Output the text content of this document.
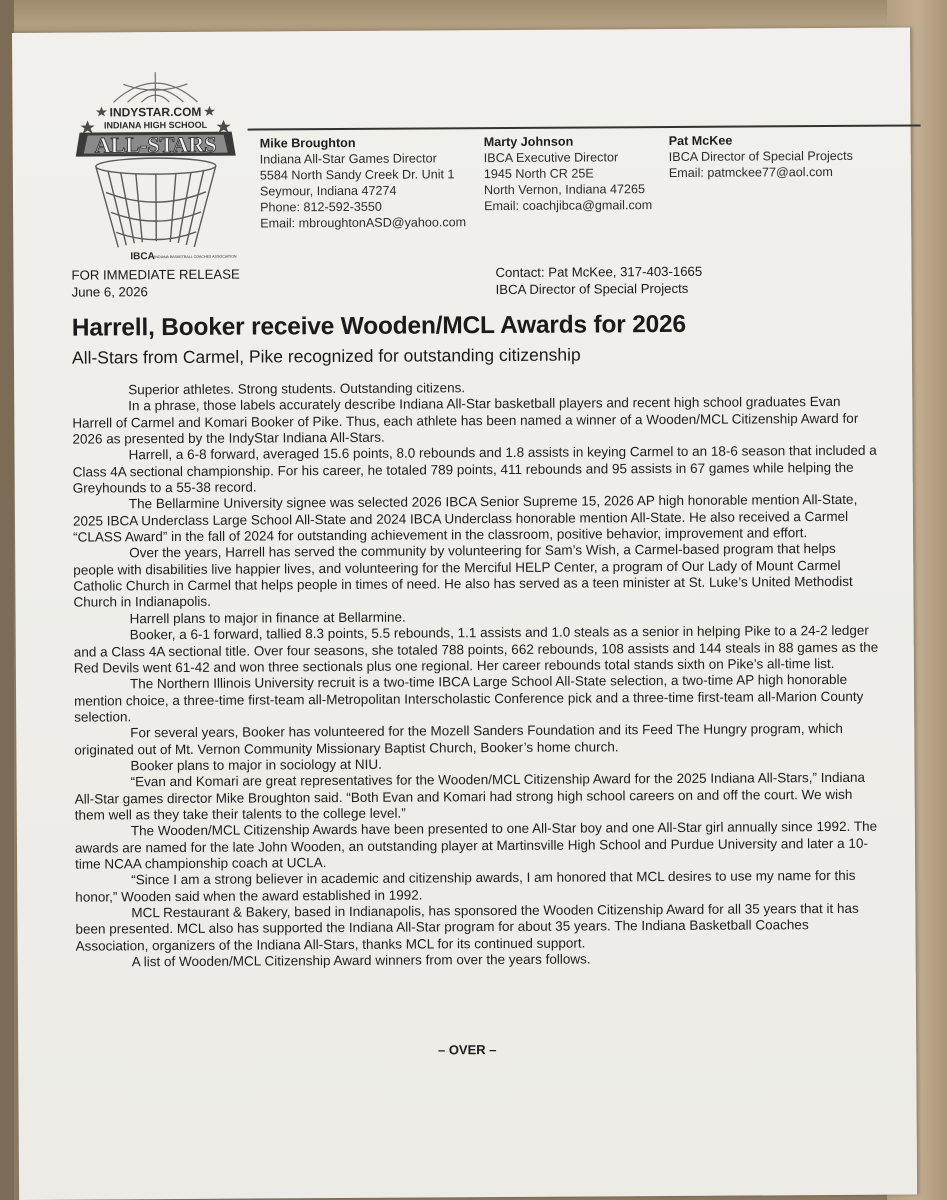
INDYSTAR.COM
INDIANA HIGH SCHOOL
ALL-STARS
IBCA INDIANA BASKETBALL COACHES ASSOCIATION
Mike Broughton
Indiana All-Star Games Director
5584 North Sandy Creek Dr. Unit 1
Seymour, Indiana 47274
Phone: 812-592-3550
Email: mbroughtonASD@yahoo.com
Marty Johnson
IBCA Executive Director
1945 North CR 25E
North Vernon, Indiana 47265
Email: coachjibca@gmail.com
Pat McKee
IBCA Director of Special Projects
Email: patmckee77@aol.com
FOR IMMEDIATE RELEASE
June 6, 2026
Contact: Pat McKee, 317-403-1665
IBCA Director of Special Projects
Harrell, Booker receive Wooden/MCL Awards for 2026
All-Stars from Carmel, Pike recognized for outstanding citizenship

Superior athletes. Strong students. Outstanding citizens.

In a phrase, those labels accurately describe Indiana All-Star basketball players and recent high school graduates Evan Harrell of Carmel and Komari Booker of Pike. Thus, each athlete has been named a winner of a Wooden/MCL Citizenship Award for 2026 as presented by the IndyStar Indiana All-Stars.

Harrell, a 6-8 forward, averaged 15.6 points, 8.0 rebounds and 1.8 assists in keying Carmel to an 18-6 season that included a Class 4A sectional championship. For his career, he totaled 789 points, 411 rebounds and 95 assists in 67 games while helping the Greyhounds to a 55-38 record.

The Bellarmine University signee was selected 2026 IBCA Senior Supreme 15, 2026 AP high honorable mention All-State, 2025 IBCA Underclass Large School All-State and 2024 IBCA Underclass honorable mention All-State. He also received a Carmel “CLASS Award” in the fall of 2024 for outstanding achievement in the classroom, positive behavior, improvement and effort.

Over the years, Harrell has served the community by volunteering for Sam’s Wish, a Carmel-based program that helps people with disabilities live happier lives, and volunteering for the Merciful HELP Center, a program of Our Lady of Mount Carmel Catholic Church in Carmel that helps people in times of need. He also has served as a teen minister at St. Luke’s United Methodist Church in Indianapolis.

Harrell plans to major in finance at Bellarmine.

Booker, a 6-1 forward, tallied 8.3 points, 5.5 rebounds, 1.1 assists and 1.0 steals as a senior in helping Pike to a 24-2 ledger and a Class 4A sectional title. Over four seasons, she totaled 788 points, 662 rebounds, 108 assists and 144 steals in 88 games as the Red Devils went 61-42 and won three sectionals plus one regional. Her career rebounds total stands sixth on Pike’s all-time list.

The Northern Illinois University recruit is a two-time IBCA Large School All-State selection, a two-time AP high honorable mention choice, a three-time first-team all-Metropolitan Interscholastic Conference pick and a three-time first-team all-Marion County selection.

For several years, Booker has volunteered for the Mozell Sanders Foundation and its Feed The Hungry program, which originated out of Mt. Vernon Community Missionary Baptist Church, Booker’s home church.

Booker plans to major in sociology at NIU.

“Evan and Komari are great representatives for the Wooden/MCL Citizenship Award for the 2025 Indiana All-Stars,” Indiana All-Star games director Mike Broughton said. “Both Evan and Komari had strong high school careers on and off the court. We wish them well as they take their talents to the college level.”

The Wooden/MCL Citizenship Awards have been presented to one All-Star boy and one All-Star girl annually since 1992. The awards are named for the late John Wooden, an outstanding player at Martinsville High School and Purdue University and later a 10-time NCAA championship coach at UCLA.

“Since I am a strong believer in academic and citizenship awards, I am honored that MCL desires to use my name for this honor,” Wooden said when the award established in 1992.

MCL Restaurant & Bakery, based in Indianapolis, has sponsored the Wooden Citizenship Award for all 35 years that it has been presented. MCL also has supported the Indiana All-Star program for about 35 years. The Indiana Basketball Coaches Association, organizers of the Indiana All-Stars, thanks MCL for its continued support.

A list of Wooden/MCL Citizenship Award winners from over the years follows.

– OVER –
